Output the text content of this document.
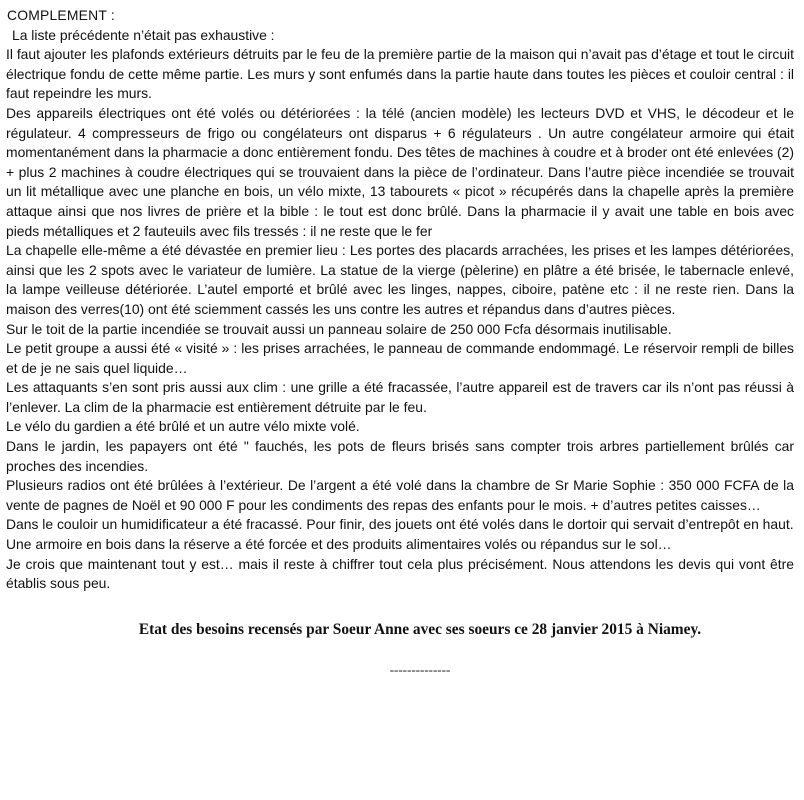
COMPLEMENT :

La liste précédente n’était pas exhaustive :

Il faut ajouter les plafonds extérieurs détruits par le feu de la première partie de la maison qui n’avait pas d’étage et tout le circuit électrique fondu de cette même partie. Les murs y sont enfumés dans la partie haute dans toutes les pièces et couloir central : il faut repeindre les murs.

Des appareils électriques ont été volés ou détériorées : la télé (ancien modèle) les lecteurs DVD et VHS, le décodeur et le régulateur. 4 compresseurs de frigo ou congélateurs ont disparus + 6 régulateurs . Un autre congélateur armoire qui était momentanément dans la pharmacie a donc entièrement fondu. Des têtes de machines à coudre et à broder ont été enlevées (2) + plus 2 machines à coudre électriques qui se trouvaient dans la pièce de l’ordinateur. Dans l’autre pièce incendiée se trouvait un lit métallique avec une planche en bois, un vélo mixte, 13 tabourets « picot » récupérés dans la chapelle après la première attaque ainsi que nos livres de prière et la bible : le tout est donc brûlé. Dans la pharmacie il y avait une table en bois avec pieds métalliques et 2 fauteuils avec fils tressés : il ne reste que le fer

La chapelle elle-même a été dévastée en premier lieu : Les portes des placards arrachées, les prises et les lampes détériorées, ainsi que les 2 spots avec le variateur de lumière. La statue de la vierge (pèlerine) en plâtre a été brisée, le tabernacle enlevé, la lampe veilleuse détériorée. L’autel emporté et brûlé avec les linges, nappes, ciboire, patène etc : il ne reste rien. Dans la maison des verres(10) ont été sciemment cassés les uns contre les autres et répandus dans d’autres pièces.

Sur le toit de la partie incendiée se trouvait aussi un panneau solaire de 250 000 Fcfa désormais inutilisable.

Le petit groupe a aussi été « visité » : les prises arrachées, le panneau de commande endommagé. Le réservoir rempli de billes et de je ne sais quel liquide…

Les attaquants s’en sont pris aussi aux clim : une grille a été fracassée, l’autre appareil est de travers car ils n’ont pas réussi à l’enlever. La clim de la pharmacie est entièrement détruite par le feu.

Le vélo du gardien a été brûlé et un autre vélo mixte volé.

Dans le jardin, les papayers ont été " fauchés, les pots de fleurs brisés sans compter trois arbres partiellement brûlés car proches des incendies.

Plusieurs radios ont été brûlées à l’extérieur. De l’argent a été volé dans la chambre de Sr Marie Sophie : 350 000 FCFA de la vente de pagnes de Noël et 90 000 F pour les condiments des repas des enfants pour le mois. + d’autres petites caisses…

Dans le couloir un humidificateur a été fracassé. Pour finir, des jouets ont été volés dans le dortoir qui servait d’entrepôt en haut.

Une armoire en bois dans la réserve a été forcée et des produits alimentaires volés ou répandus sur le sol…

Je crois que maintenant tout y est… mais il reste à chiffrer tout cela plus précisément. Nous attendons les devis qui vont être établis sous peu.

Etat des besoins recensés par Soeur Anne avec ses soeurs ce 28 janvier 2015 à Niamey.

--------------
